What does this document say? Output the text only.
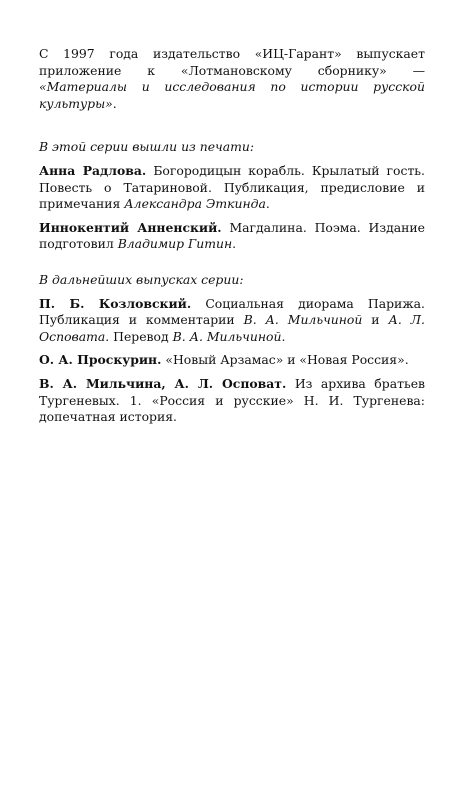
С 1997 года издательство «ИЦ-Гарант» выпускает приложение к «Лотмановскому сборнику» — «Материалы и исследования по истории русской культуры».

В этой серии вышли из печати:

Анна Радлова. Богородицын корабль. Крылатый гость. Повесть о Татариновой. Публикация, предисловие и примечания Александра Эткинда.

Иннокентий Анненский. Магдалина. Поэма. Издание подготовил Владимир Гитин.

В дальнейших выпусках серии:

П. Б. Козловский. Социальная диорама Парижа. Публикация и комментарии В. А. Мильчиной и А. Л. Осповата. Перевод В. А. Мильчиной.

О. А. Проскурин. «Новый Арзамас» и «Новая Россия».

В. А. Мильчина, А. Л. Осповат. Из архива братьев Тургеневых. 1. «Россия и русские» Н. И. Тургенева: допечатная история.
